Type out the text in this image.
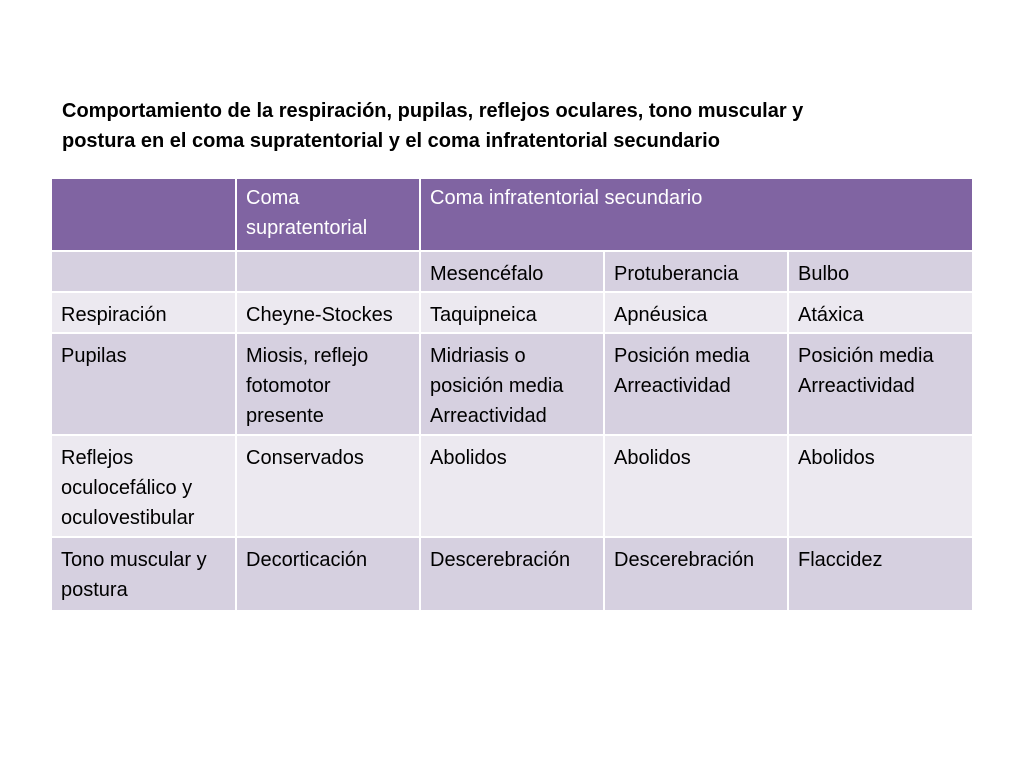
Comportamiento de la respiración, pupilas, reflejos oculares, tono muscular y
postura en el coma supratentorial y el coma infratentorial secundario
	Coma supratentorial	Coma infratentorial secundario		
		Mesencéfalo	Protuberancia	Bulbo
Respiración	Cheyne-Stockes	Taquipneica	Apnéusica	Atáxica
Pupilas	Miosis, reflejo fotomotor presente	Midriasis o posición media Arreactividad	Posición media Arreactividad	Posición media Arreactividad
Reflejos oculocefálico y oculovestibular	Conservados	Abolidos	Abolidos	Abolidos
Tono muscular y postura	Decorticación	Descerebración	Descerebración	Flaccidez
